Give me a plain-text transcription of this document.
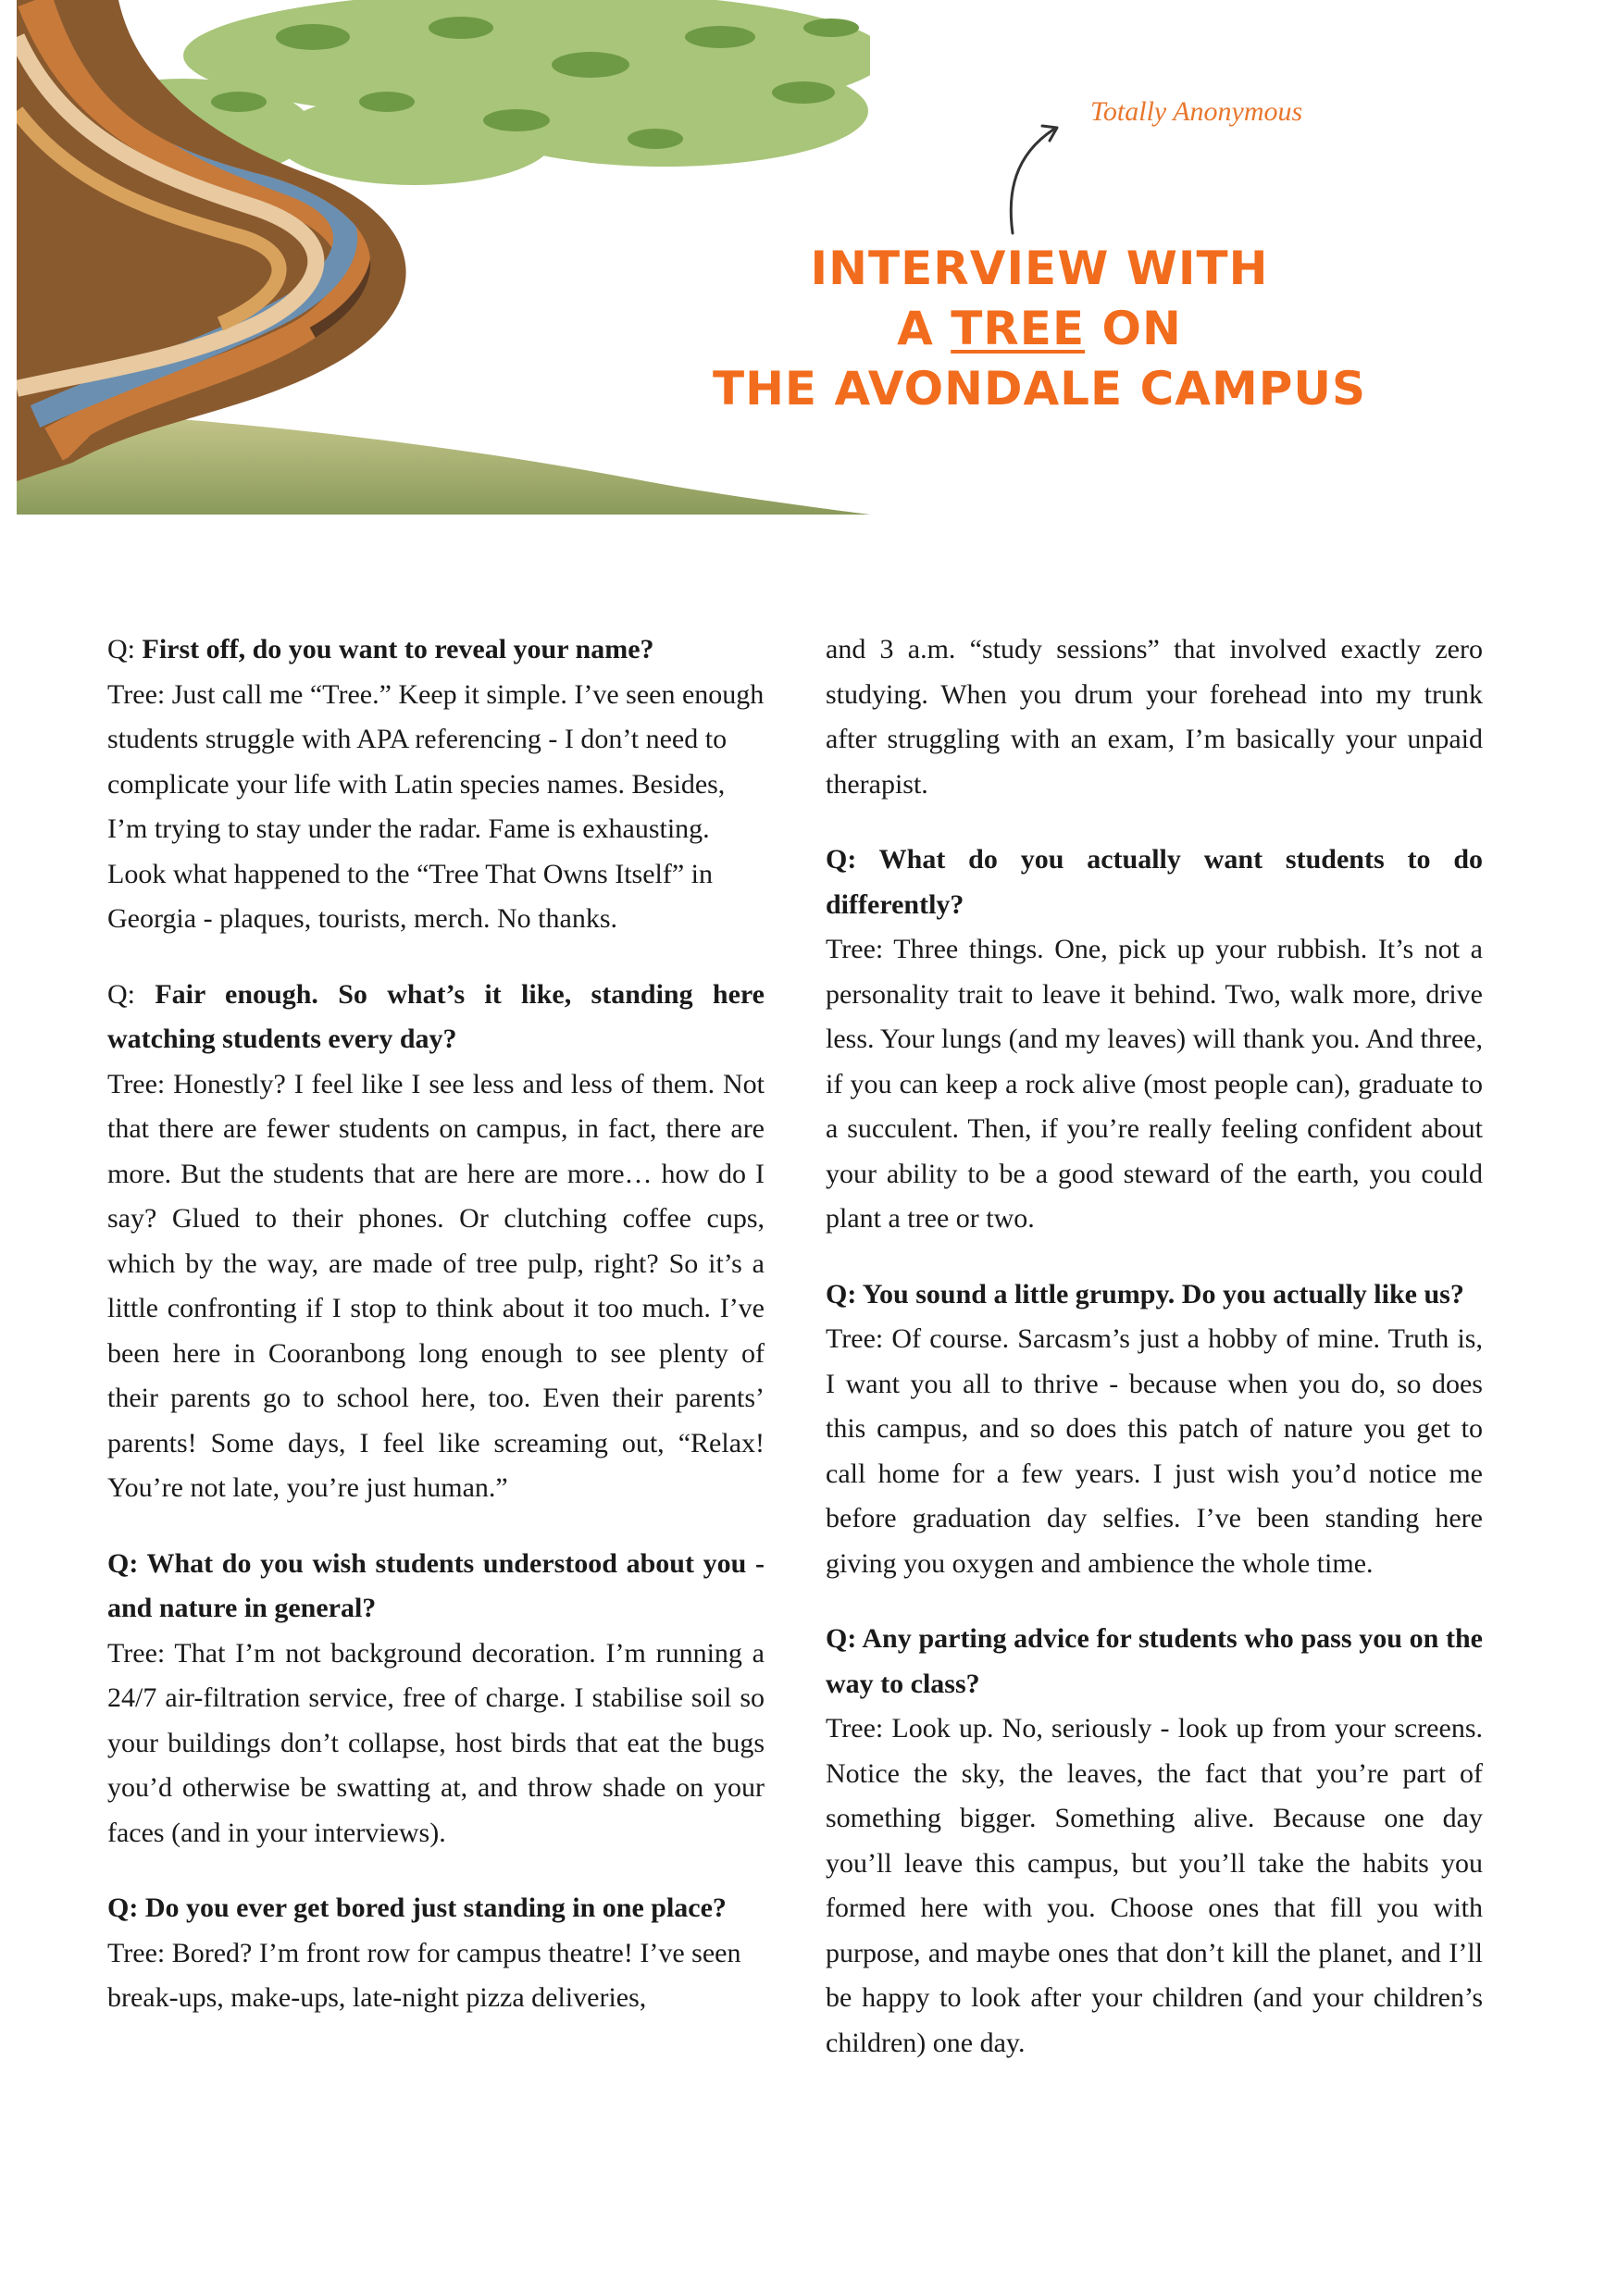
Totally Anonymous
INTERVIEW WITH
A TREE ON
THE AVONDALE CAMPUS

Q: First off, do you want to reveal your name?

Tree: Just call me “Tree.” Keep it simple. I’ve seen enough students struggle with APA referencing - I don’t need to complicate your life with Latin species names. Besides, I’m trying to stay under the radar. Fame is exhausting. Look what happened to the “Tree That Owns Itself” in Georgia - plaques, tourists, merch. No thanks.

Q: Fair enough. So what’s it like, standing here watching students every day?

Tree: Honestly? I feel like I see less and less of them. Not that there are fewer students on campus, in fact, there are more. But the students that are here are more… how do I say? Glued to their phones. Or clutching coffee cups, which by the way, are made of tree pulp, right? So it’s a little confronting if I stop to think about it too much. I’ve been here in Cooranbong long enough to see plenty of their parents go to school here, too. Even their parents’ parents! Some days, I feel like screaming out, “Relax! You’re not late, you’re just human.”

Q: What do you wish students understood about you - and nature in general?

Tree: That I’m not background decoration. I’m running a 24/7 air-filtration service, free of charge. I stabilise soil so your buildings don’t collapse, host birds that eat the bugs you’d otherwise be swatting at, and throw shade on your faces (and in your interviews).

Q: Do you ever get bored just standing in one place?

Tree: Bored? I’m front row for campus theatre! I’ve seen break-ups, make-ups, late-night pizza deliveries,

and 3 a.m. “study sessions” that involved exactly zero studying. When you drum your forehead into my trunk after struggling with an exam, I’m basically your unpaid therapist.

Q: What do you actually want students to do differently?

Tree: Three things. One, pick up your rubbish. It’s not a personality trait to leave it behind. Two, walk more, drive less. Your lungs (and my leaves) will thank you. And three, if you can keep a rock alive (most people can), graduate to a succulent. Then, if you’re really feeling confident about your ability to be a good steward of the earth, you could plant a tree or two.

Q: You sound a little grumpy. Do you actually like us?

Tree: Of course. Sarcasm’s just a hobby of mine. Truth is, I want you all to thrive - because when you do, so does this campus, and so does this patch of nature you get to call home for a few years. I just wish you’d notice me before graduation day selfies. I’ve been standing here giving you oxygen and ambience the whole time.

Q: Any parting advice for students who pass you on the way to class?

Tree: Look up. No, seriously - look up from your screens. Notice the sky, the leaves, the fact that you’re part of something bigger. Something alive. Because one day you’ll leave this campus, but you’ll take the habits you formed here with you. Choose ones that fill you with purpose, and maybe ones that don’t kill the planet, and I’ll be happy to look after your children (and your children’s children) one day.
